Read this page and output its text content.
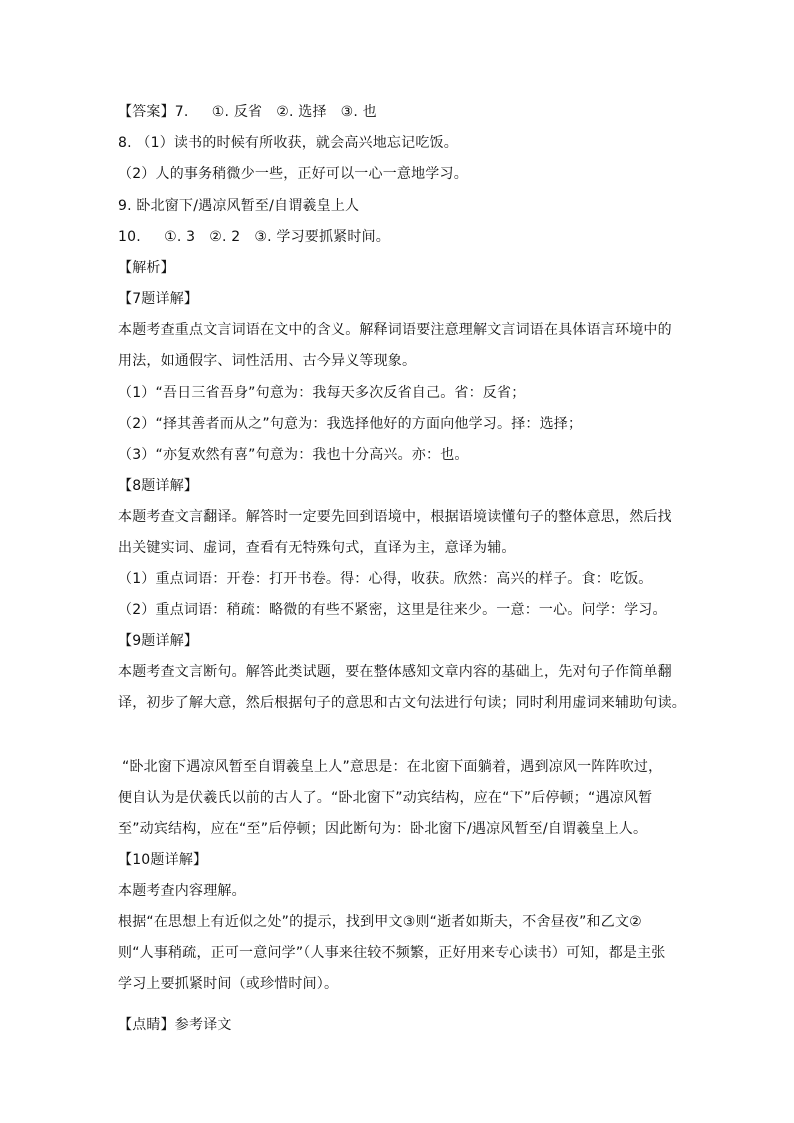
【答案】7.     ①. 反省   ②. 选择   ③. 也
8. （1）读书的时候有所收获，就会高兴地忘记吃饭。
（2）人的事务稍微少一些，正好可以一心一意地学习。
9. 卧北窗下/遇凉风暂至/自谓羲皇上人
10.     ①. 3   ②. 2   ③. 学习要抓紧时间。
【解析】
【7题详解】
本题考查重点文言词语在文中的含义。解释词语要注意理解文言词语在具体语言环境中的
用法，如通假字、词性活用、古今异义等现象。
（1）“吾日三省吾身”句意为：我每天多次反省自己。省：反省；
（2）“择其善者而从之”句意为：我选择他好的方面向他学习。择：选择；
（3）“亦复欢然有喜”句意为：我也十分高兴。亦：也。
【8题详解】
本题考查文言翻译。解答时一定要先回到语境中，根据语境读懂句子的整体意思，然后找
出关键实词、虚词，查看有无特殊句式，直译为主，意译为辅。
（1）重点词语：开卷：打开书卷。得：心得，收获。欣然：高兴的样子。食：吃饭。
（2）重点词语：稍疏：略微的有些不紧密，这里是往来少。一意：一心。问学：学习。
【9题详解】
本题考查文言断句。解答此类试题，要在整体感知文章内容的基础上，先对句子作简单翻
译，初步了解大意，然后根据句子的意思和古文句法进行句读；同时利用虚词来辅助句读。
“卧北窗下遇凉风暂至自谓羲皇上人”意思是：在北窗下面躺着，遇到凉风一阵阵吹过，
便自认为是伏羲氏以前的古人了。“卧北窗下”动宾结构，应在“下”后停顿；“遇凉风暂
至”动宾结构，应在“至”后停顿；因此断句为：卧北窗下/遇凉风暂至/自谓羲皇上人。
【10题详解】
本题考查内容理解。
根据“在思想上有近似之处”的提示，找到甲文③则“逝者如斯夫，不舍昼夜”和乙文②
则“人事稍疏，正可一意问学”（人事来往较不频繁，正好用来专心读书）可知，都是主张
学习上要抓紧时间（或珍惜时间）。
【点睛】参考译文
